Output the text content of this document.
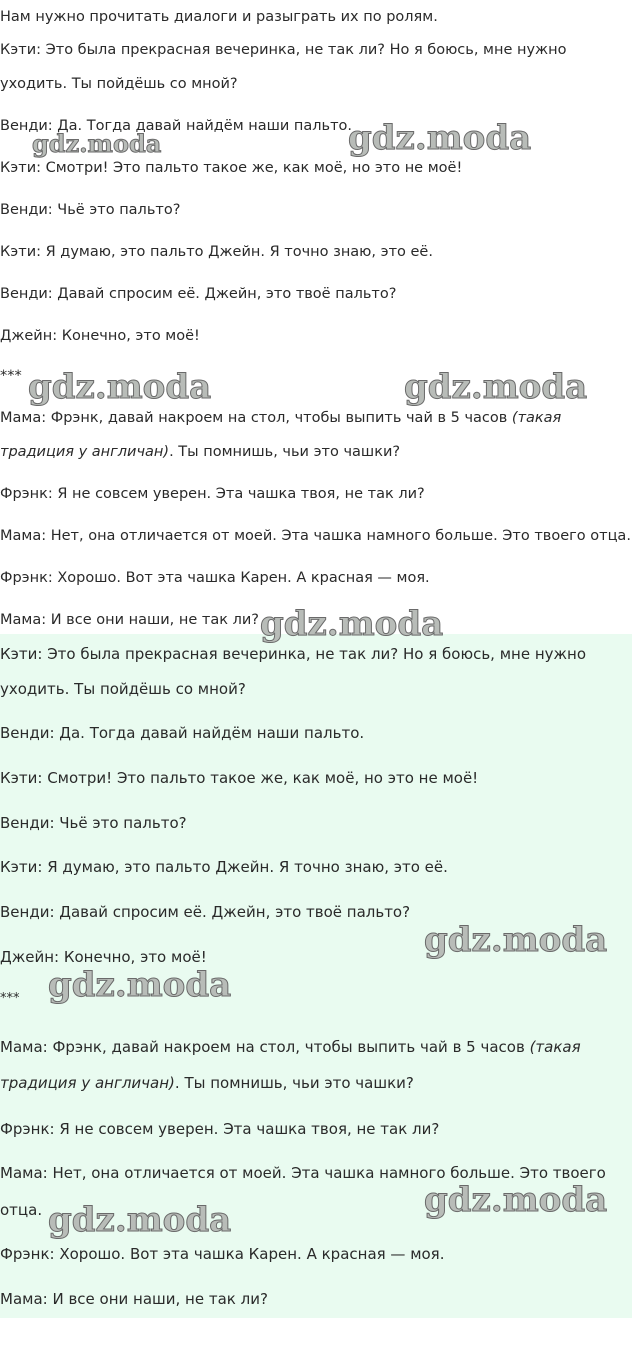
Нам нужно прочитать диалоги и разыграть их по ролям.

Кэти: Это была прекрасная вечеринка, не так ли? Но я боюсь, мне нужно

уходить. Ты пойдёшь со мной?

Венди: Да. Тогда давай найдём наши пальто.

Кэти: Смотри! Это пальто такое же, как моё, но это не моё!

Венди: Чьё это пальто?

Кэти: Я думаю, это пальто Джейн. Я точно знаю, это её.

Венди: Давай спросим её. Джейн, это твоё пальто?

Джейн: Конечно, это моё!

***

Мама: Фрэнк, давай накроем на стол, чтобы выпить чай в 5 часов (такая

традиция у англичан). Ты помнишь, чьи это чашки?

Фрэнк: Я не совсем уверен. Эта чашка твоя, не так ли?

Мама: Нет, она отличается от моей. Эта чашка намного больше. Это твоего отца.

Фрэнк: Хорошо. Вот эта чашка Карен. А красная — моя.

Мама: И все они наши, не так ли?

Кэти: Это была прекрасная вечеринка, не так ли? Но я боюсь, мне нужно

уходить. Ты пойдёшь со мной?

Венди: Да. Тогда давай найдём наши пальто.

Кэти: Смотри! Это пальто такое же, как моё, но это не моё!

Венди: Чьё это пальто?

Кэти: Я думаю, это пальто Джейн. Я точно знаю, это её.

Венди: Давай спросим её. Джейн, это твоё пальто?

Джейн: Конечно, это моё!

***

Мама: Фрэнк, давай накроем на стол, чтобы выпить чай в 5 часов (такая

традиция у англичан). Ты помнишь, чьи это чашки?

Фрэнк: Я не совсем уверен. Эта чашка твоя, не так ли?

Мама: Нет, она отличается от моей. Эта чашка намного больше. Это твоего

отца.

Фрэнк: Хорошо. Вот эта чашка Карен. А красная — моя.

Мама: И все они наши, не так ли?

gdz.moda	gdz.moda
gdz.moda	gdz.moda
gdz.moda
gdz.moda
gdz.moda
gdz.moda
gdz.moda
